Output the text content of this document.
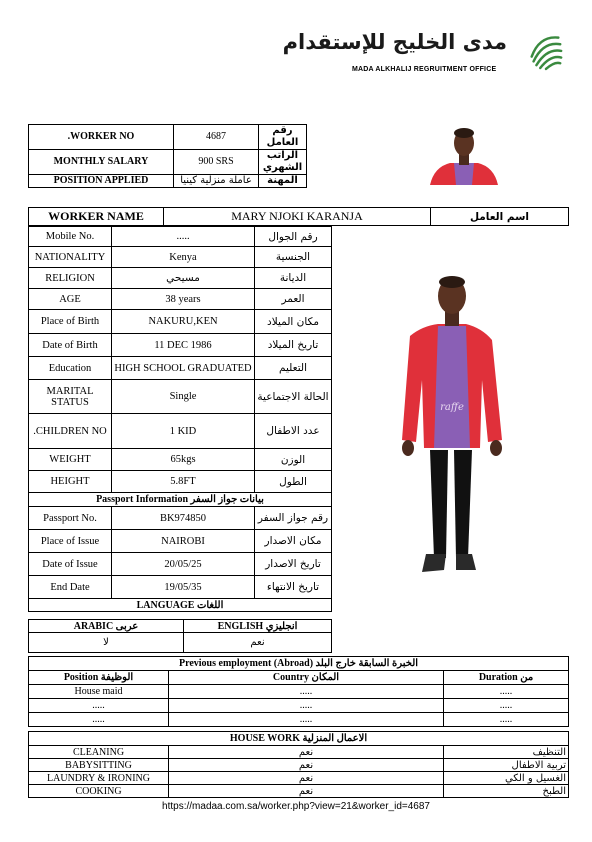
مدى الخليج للإستقدام
MADA ALKHALIJ REGRUITMENT OFFICE
.WORKER NO	4687	رقم العامل
MONTHLY SALARY	900 SRS	الراتب الشهري
POSITION APPLIED	عاملة منزلية كينيا	المهنة
WORKER NAME	MARY NJOKI KARANJA	اسم العامل
Mobile No.	.....	رقم الجوال
NATIONALITY	Kenya	الجنسية
RELIGION	مسيحي	الديانة
AGE	38 years	العمر
Place of Birth	NAKURU,KEN	مكان الميلاد
Date of Birth	11 DEC 1986	تاريخ الميلاد
Education	HIGH SCHOOL GRADUATED	التعليم
MARITAL STATUS	Single	الحالة الاجتماعية
.CHILDREN NO	1 KID	عدد الاطفال
WEIGHT	65kgs	الوزن
HEIGHT	5.8FT	الطول
Passport Information بيانات جواز السفر		
Passport No.	BK974850	رقم جواز السفر
Place of Issue	NAIROBI	مكان الاصدار
Date of Issue	20/05/25	تاريخ الاصدار
End Date	19/05/35	تاريخ الانتهاء
LANGUAGE اللغات		
ARABIC عربى	ENGLISH انجليزي
لا	نعم
raffe
Previous employment (Abroad) الخبرة السابقة خارج البلد		
Position الوظيفة	Country المكان	Duration من
House maid	.....	.....
.....	.....	.....
.....	.....	.....
HOUSE WORK الاعمال المنزلية		
CLEANING	نعم	التنظيف
BABYSITTING	نعم	تربية الاطفال
LAUNDRY & IRONING	نعم	الغسيل و الكي
COOKING	نعم	الطبخ
https://madaa.com.sa/worker.php?view=21&worker_id=4687
